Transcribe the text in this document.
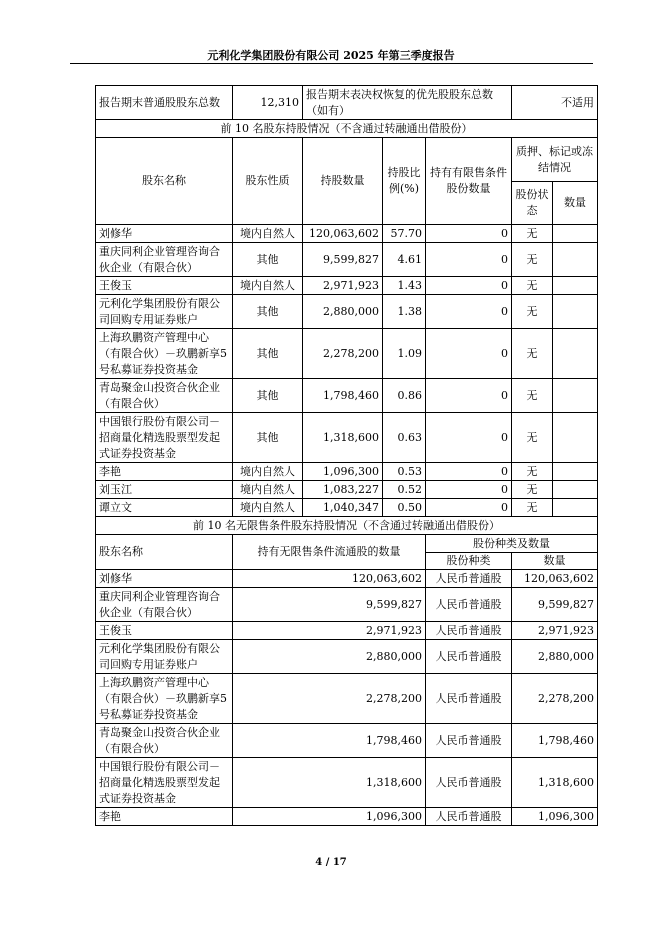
元利化学集团股份有限公司 2025 年第三季度报告
报告期末普通股股东总数	12,310	报告期末表决权恢复的优先股股东总数（如有）			不适用	
前 10 名股东持股情况（不含通过转融通出借股份）						
股东名称	股东性质	持股数量	持股比例(%)	持有有限售条件股份数量	质押、标记或冻结情况	
					股份状态	数量
刘修华	境内自然人	120,063,602	57.70	0	无	
重庆同利企业管理咨询合伙企业（有限合伙）	其他	9,599,827	4.61	0	无	
王俊玉	境内自然人	2,971,923	1.43	0	无	
元利化学集团股份有限公司回购专用证券账户	其他	2,880,000	1.38	0	无	
上海玖鹏资产管理中心（有限合伙）－玖鹏新享5号私募证券投资基金	其他	2,278,200	1.09	0	无	
青岛聚金山投资合伙企业（有限合伙）	其他	1,798,460	0.86	0	无	
中国银行股份有限公司－招商量化精选股票型发起式证券投资基金	其他	1,318,600	0.63	0	无	
李艳	境内自然人	1,096,300	0.53	0	无	
刘玉江	境内自然人	1,083,227	0.52	0	无	
谭立文	境内自然人	1,040,347	0.50	0	无	
前 10 名无限售条件股东持股情况（不含通过转融通出借股份）			
股东名称	持有无限售条件流通股的数量	股份种类及数量	
		股份种类	数量
刘修华	120,063,602	人民币普通股	120,063,602
重庆同利企业管理咨询合伙企业（有限合伙）	9,599,827	人民币普通股	9,599,827
王俊玉	2,971,923	人民币普通股	2,971,923
元利化学集团股份有限公司回购专用证券账户	2,880,000	人民币普通股	2,880,000
上海玖鹏资产管理中心（有限合伙）－玖鹏新享5号私募证券投资基金	2,278,200	人民币普通股	2,278,200
青岛聚金山投资合伙企业（有限合伙）	1,798,460	人民币普通股	1,798,460
中国银行股份有限公司－招商量化精选股票型发起式证券投资基金	1,318,600	人民币普通股	1,318,600
李艳	1,096,300	人民币普通股	1,096,300
4 / 17
